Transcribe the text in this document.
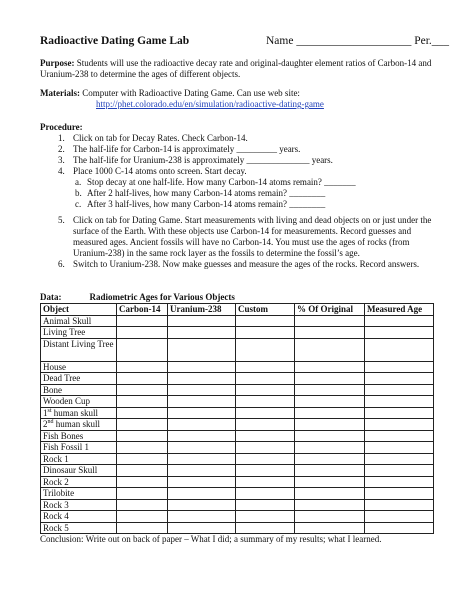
Radioactive Dating Game Lab	Name ____________________ Per.___
Purpose: Students will use the radioactive decay rate and original-daughter element ratios of Carbon-14 and Uranium-238 to determine the ages of different objects.
Materials: Computer with Radioactive Dating Game. Can use web site:
http://phet.colorado.edu/en/simulation/radioactive-dating-game
Procedure:
1. Click on tab for Decay Rates. Check Carbon-14.
2. The half-life for Carbon-14 is approximately _________ years.
3. The half-life for Uranium-238 is approximately ______________ years.
4. Place 1000 C-14 atoms onto screen. Start decay.
a. Stop decay at one half-life. How many Carbon-14 atoms remain? _______
b. After 2 half-lives, how many Carbon-14 atoms remain? ________
c. After 3 half-lives, how many Carbon-14 atoms remain? ________
5. Click on tab for Dating Game. Start measurements with living and dead objects on or just under the surface of the Earth. With these objects use Carbon-14 for measurements. Record guesses and measured ages. Ancient fossils will have no Carbon-14. You must use the ages of rocks (from Uranium-238) in the same rock layer as the fossils to determine the fossil’s age.
6. Switch to Uranium-238. Now make guesses and measure the ages of the rocks. Record answers.
Data:	Radiometric Ages for Various Objects
Object	Carbon-14	Uranium-238	Custom	% Of Original	Measured Age
Animal Skull					
Living Tree					
Distant Living Tree					
House					
Dead Tree					
Bone					
Wooden Cup					
1st human skull					
2nd human skull					
Fish Bones					
Fish Fossil 1					
Rock 1					
Dinosaur Skull					
Rock 2					
Trilobite					
Rock 3					
Rock 4					
Rock 5					
Conclusion: Write out on back of paper – What I did; a summary of my results; what I learned.
